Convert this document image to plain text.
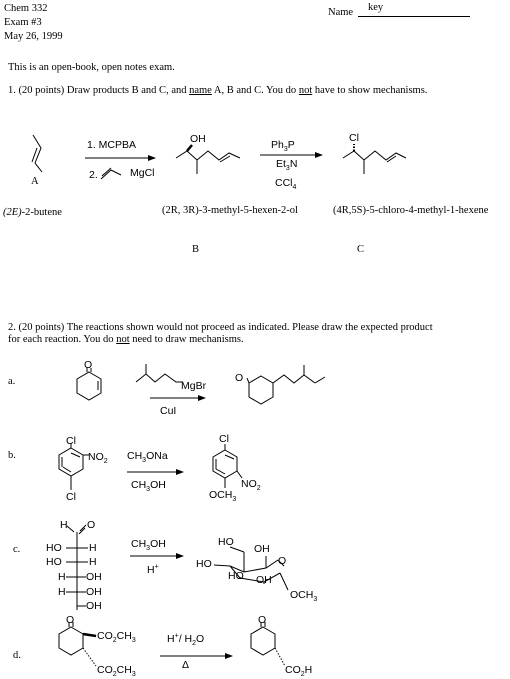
Chem 332
Exam #3
May 26, 1999
Name key
This is an open-book, open notes exam.
1. (20 points) Draw products B and C, and name A, B and C. You do not have to show mechanisms.
A
B	C
(2E)-2-butene	(2R, 3R)-3-methyl-5-hexen-2-ol	(4R,5S)-5-chloro-4-methyl-1-hexene
1. MCPBA
2.	MgCl
$Ph_3P$
$Et_3N$
CCl$_4$
OH	Cl
2. (20 points) The reactions shown would not proceed as indicated. Please draw the expected product
for each reaction. You do not need to draw mechanisms.
a.
b.
c.
d.
O
MgBr
CuI
O
Cl
$NO_2$
Cl
$CH_3ONa$
$CH_3OH$
Cl
$NO_2$
$OCH_3$
H O
HO	H
HO	H
H OH
H OH
OH
$CH_3OH$
H+
HO
OH
O
HO
HO OH
$OCH_3$
O
$CO_2CH_3$
$CO_2CH_3$
H+/ $H_2O$
Δ
O
$CO_2H$
